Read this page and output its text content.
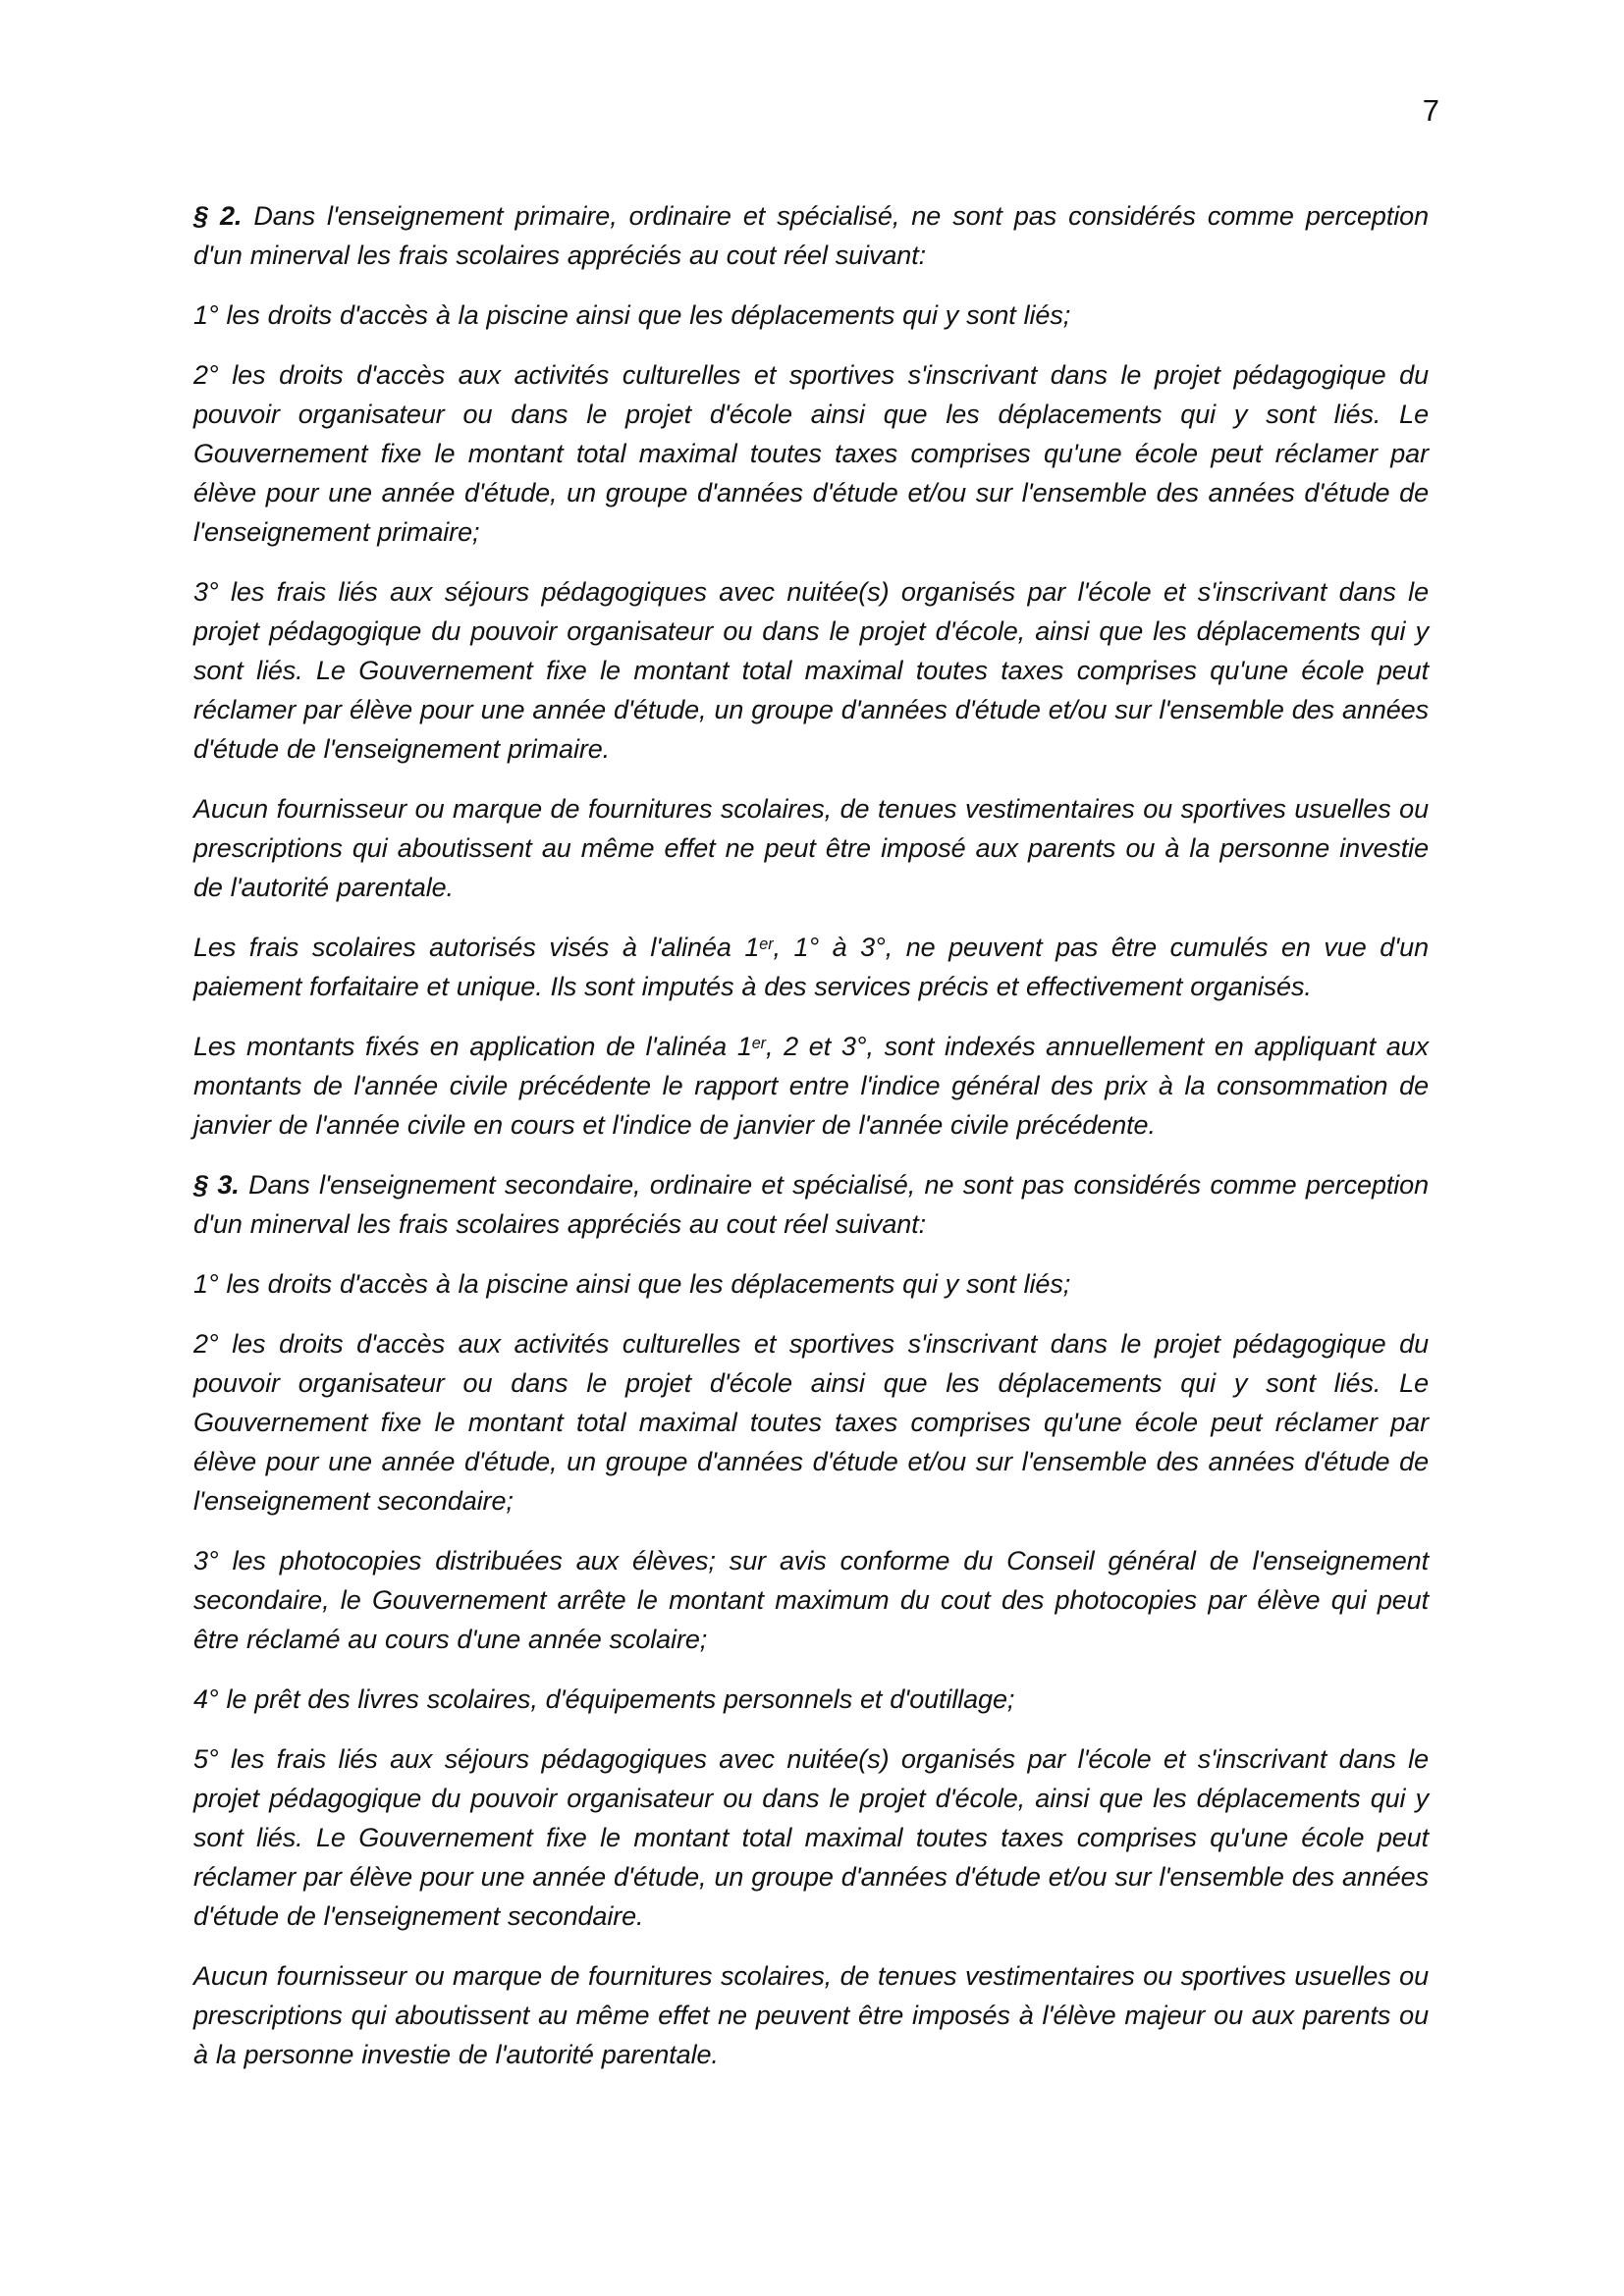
7

§ 2. Dans l'enseignement primaire, ordinaire et spécialisé, ne sont pas considérés comme perception d'un minerval les frais scolaires appréciés au cout réel suivant:

1° les droits d'accès à la piscine ainsi que les déplacements qui y sont liés;

2° les droits d'accès aux activités culturelles et sportives s'inscrivant dans le projet pédagogique du pouvoir organisateur ou dans le projet d'école ainsi que les déplacements qui y sont liés. Le Gouvernement fixe le montant total maximal toutes taxes comprises qu'une école peut réclamer par élève pour une année d'étude, un groupe d'années d'étude et/ou sur l'ensemble des années d'étude de l'enseignement primaire;

3° les frais liés aux séjours pédagogiques avec nuitée(s) organisés par l'école et s'inscrivant dans le projet pédagogique du pouvoir organisateur ou dans le projet d'école, ainsi que les déplacements qui y sont liés. Le Gouvernement fixe le montant total maximal toutes taxes comprises qu'une école peut réclamer par élève pour une année d'étude, un groupe d'années d'étude et/ou sur l'ensemble des années d'étude de l'enseignement primaire.

Aucun fournisseur ou marque de fournitures scolaires, de tenues vestimentaires ou sportives usuelles ou prescriptions qui aboutissent au même effet ne peut être imposé aux parents ou à la personne investie de l'autorité parentale.

Les frais scolaires autorisés visés à l'alinéa 1er, 1° à 3°, ne peuvent pas être cumulés en vue d'un paiement forfaitaire et unique. Ils sont imputés à des services précis et effectivement organisés.

Les montants fixés en application de l'alinéa 1er, 2 et 3°, sont indexés annuellement en appliquant aux montants de l'année civile précédente le rapport entre l'indice général des prix à la consommation de janvier de l'année civile en cours et l'indice de janvier de l'année civile précédente.

§ 3. Dans l'enseignement secondaire, ordinaire et spécialisé, ne sont pas considérés comme perception d'un minerval les frais scolaires appréciés au cout réel suivant:

1° les droits d'accès à la piscine ainsi que les déplacements qui y sont liés;

2° les droits d'accès aux activités culturelles et sportives s'inscrivant dans le projet pédagogique du pouvoir organisateur ou dans le projet d'école ainsi que les déplacements qui y sont liés. Le Gouvernement fixe le montant total maximal toutes taxes comprises qu'une école peut réclamer par élève pour une année d'étude, un groupe d'années d'étude et/ou sur l'ensemble des années d'étude de l'enseignement secondaire;

3° les photocopies distribuées aux élèves; sur avis conforme du Conseil général de l'enseignement secondaire, le Gouvernement arrête le montant maximum du cout des photocopies par élève qui peut être réclamé au cours d'une année scolaire;

4° le prêt des livres scolaires, d'équipements personnels et d'outillage;

5° les frais liés aux séjours pédagogiques avec nuitée(s) organisés par l'école et s'inscrivant dans le projet pédagogique du pouvoir organisateur ou dans le projet d'école, ainsi que les déplacements qui y sont liés. Le Gouvernement fixe le montant total maximal toutes taxes comprises qu'une école peut réclamer par élève pour une année d'étude, un groupe d'années d'étude et/ou sur l'ensemble des années d'étude de l'enseignement secondaire.

Aucun fournisseur ou marque de fournitures scolaires, de tenues vestimentaires ou sportives usuelles ou prescriptions qui aboutissent au même effet ne peuvent être imposés à l'élève majeur ou aux parents ou à la personne investie de l'autorité parentale.
